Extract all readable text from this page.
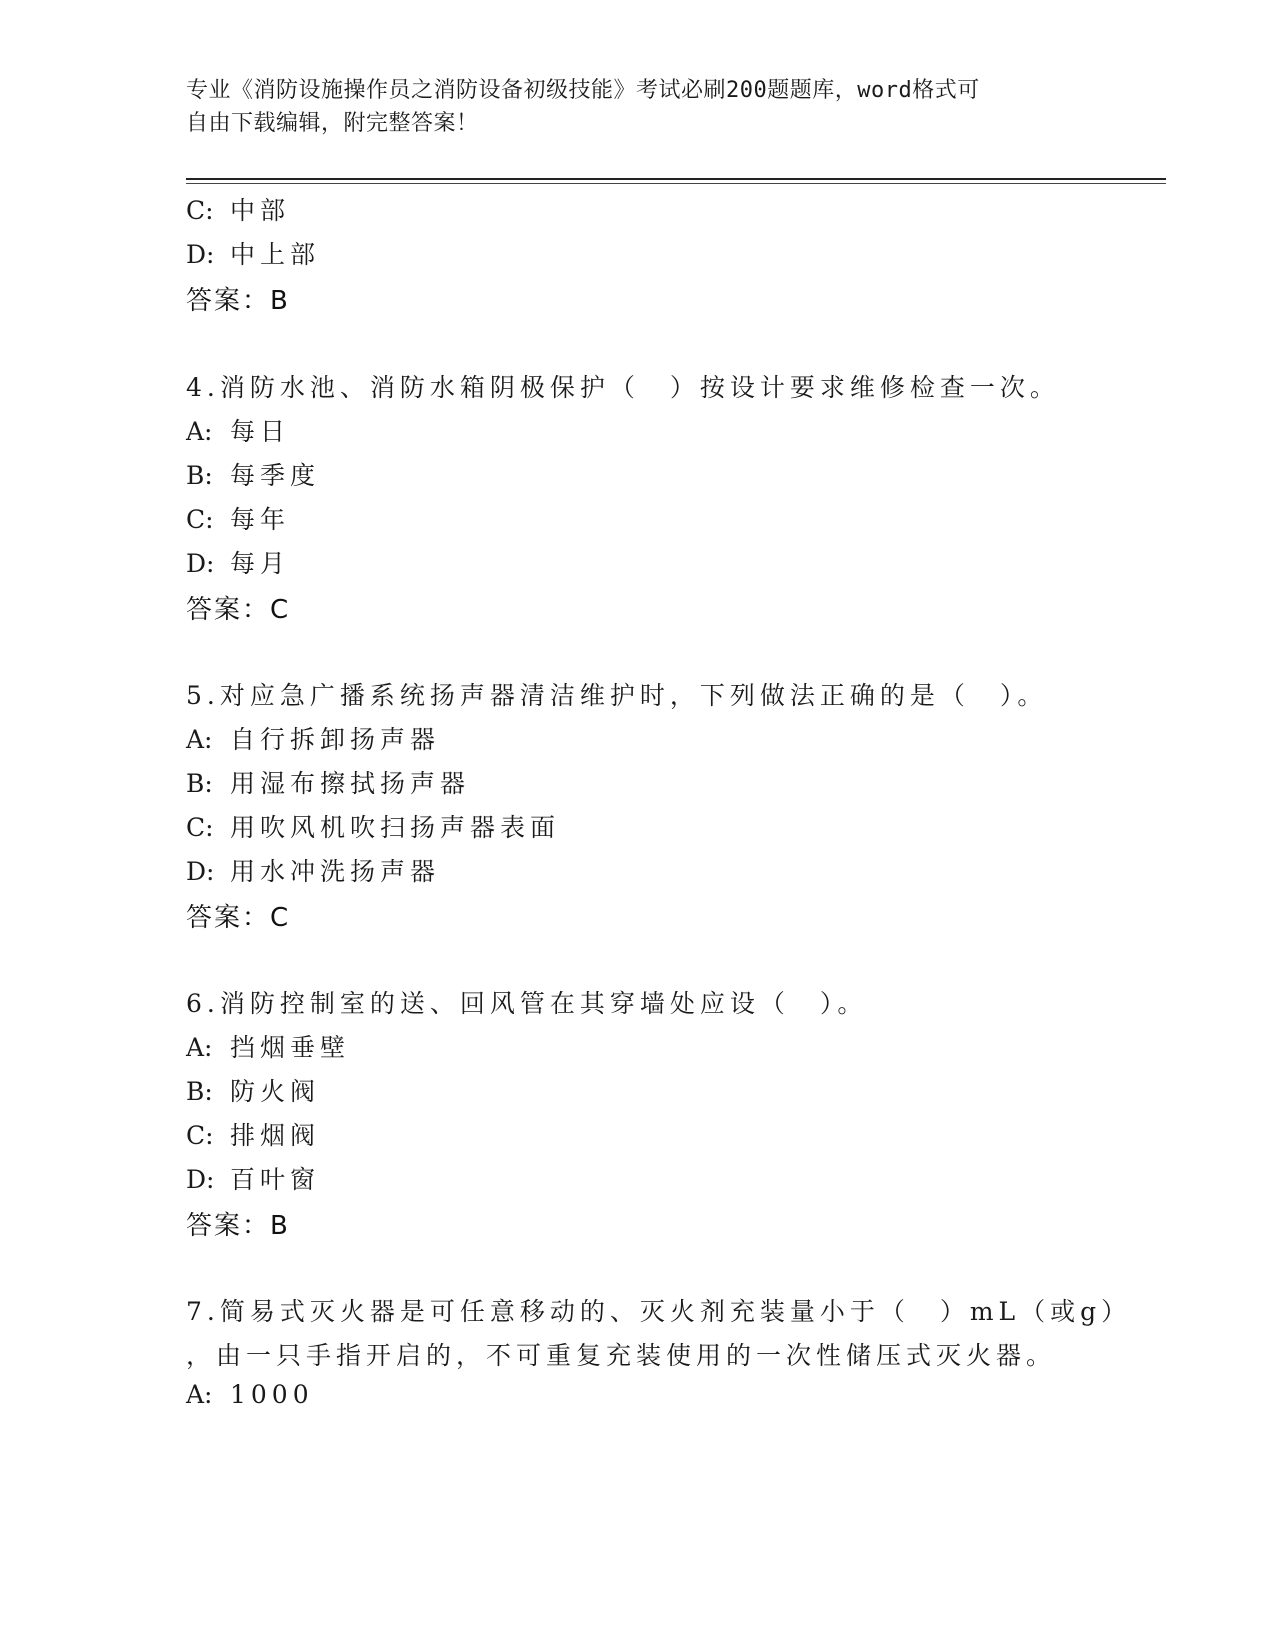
专业《消防设施操作员之消防设备初级技能》考试必刷200题题库，word格式可
自由下载编辑，附完整答案！
C: 中部
D: 中上部
答案：B
4.消防水池、消防水箱阴极保护（　）按设计要求维修检查一次。
A: 每日
B: 每季度
C: 每年
D: 每月
答案：C
5.对应急广播系统扬声器清洁维护时，下列做法正确的是（　）。
A: 自行拆卸扬声器
B: 用湿布擦拭扬声器
C: 用吹风机吹扫扬声器表面
D: 用水冲洗扬声器
答案：C
6.消防控制室的送、回风管在其穿墙处应设（　）。
A: 挡烟垂壁
B: 防火阀
C: 排烟阀
D: 百叶窗
答案：B
7.简易式灭火器是可任意移动的、灭火剂充装量小于（　）mL（或g）
，由一只手指开启的，不可重复充装使用的一次性储压式灭火器。
A: 1000
